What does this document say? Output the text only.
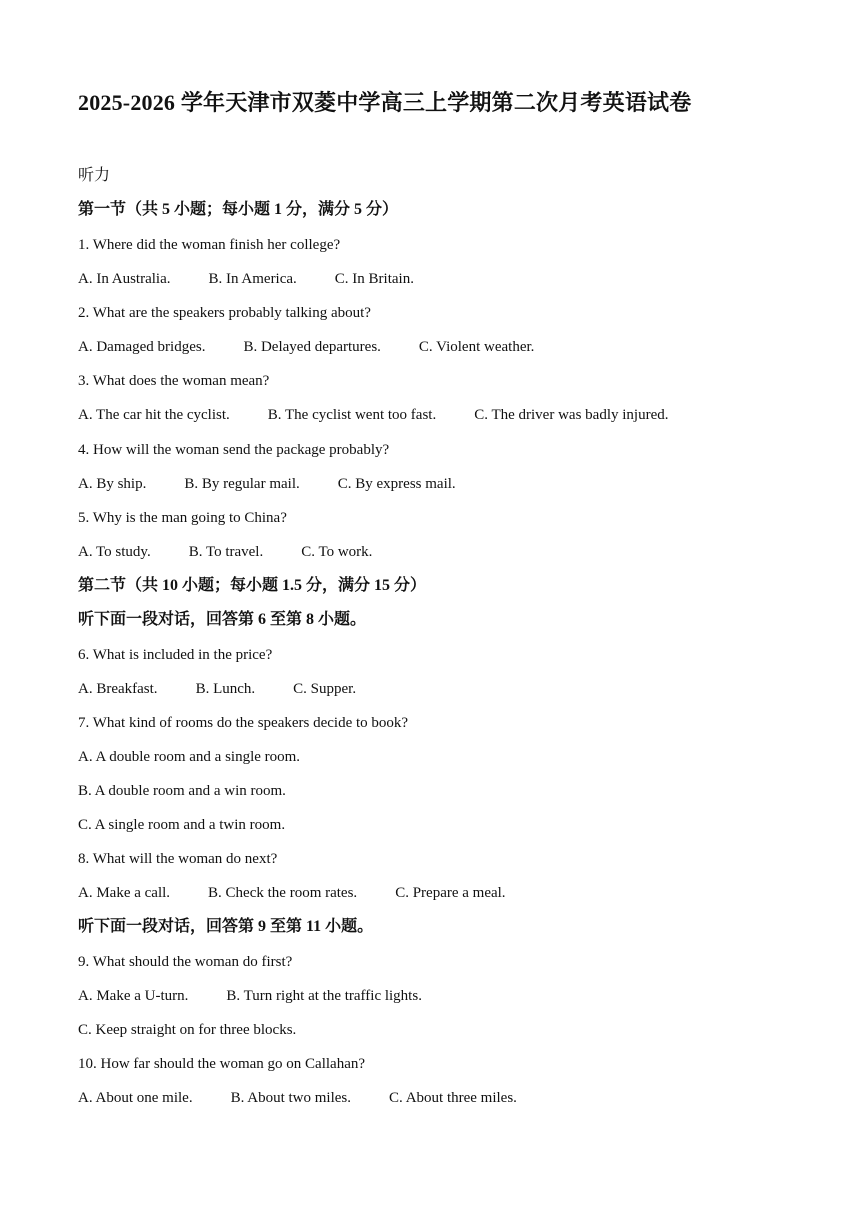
2025-2026 学年天津市双菱中学高三上学期第二次月考英语试卷
听力
第一节（共 5 小题；每小题 1 分，满分 5 分）
1. Where did the woman finish her college?
A. In Australia.	B. In America.	C. In Britain.
2. What are the speakers probably talking about?
A. Damaged bridges.	B. Delayed departures.	C. Violent weather.
3. What does the woman mean?
A. The car hit the cyclist.	B. The cyclist went too fast.	C. The driver was badly injured.
4. How will the woman send the package probably?
A. By ship.	B. By regular mail.	C. By express mail.
5. Why is the man going to China?
A. To study.	B. To travel.	C. To work.
第二节（共 10 小题；每小题 1.5 分，满分 15 分）
听下面一段对话，回答第 6 至第 8 小题。
6. What is included in the price?
A. Breakfast.	B. Lunch.	C. Supper.
7. What kind of rooms do the speakers decide to book?
A. A double room and a single room.
B. A double room and a win room.
C. A single room and a twin room.
8. What will the woman do next?
A. Make a call.	B. Check the room rates.	C. Prepare a meal.
听下面一段对话，回答第 9 至第 11 小题。
9. What should the woman do first?
A. Make a U-turn.	B. Turn right at the traffic lights.
C. Keep straight on for three blocks.
10. How far should the woman go on Callahan?
A. About one mile.	B. About two miles.	C. About three miles.
